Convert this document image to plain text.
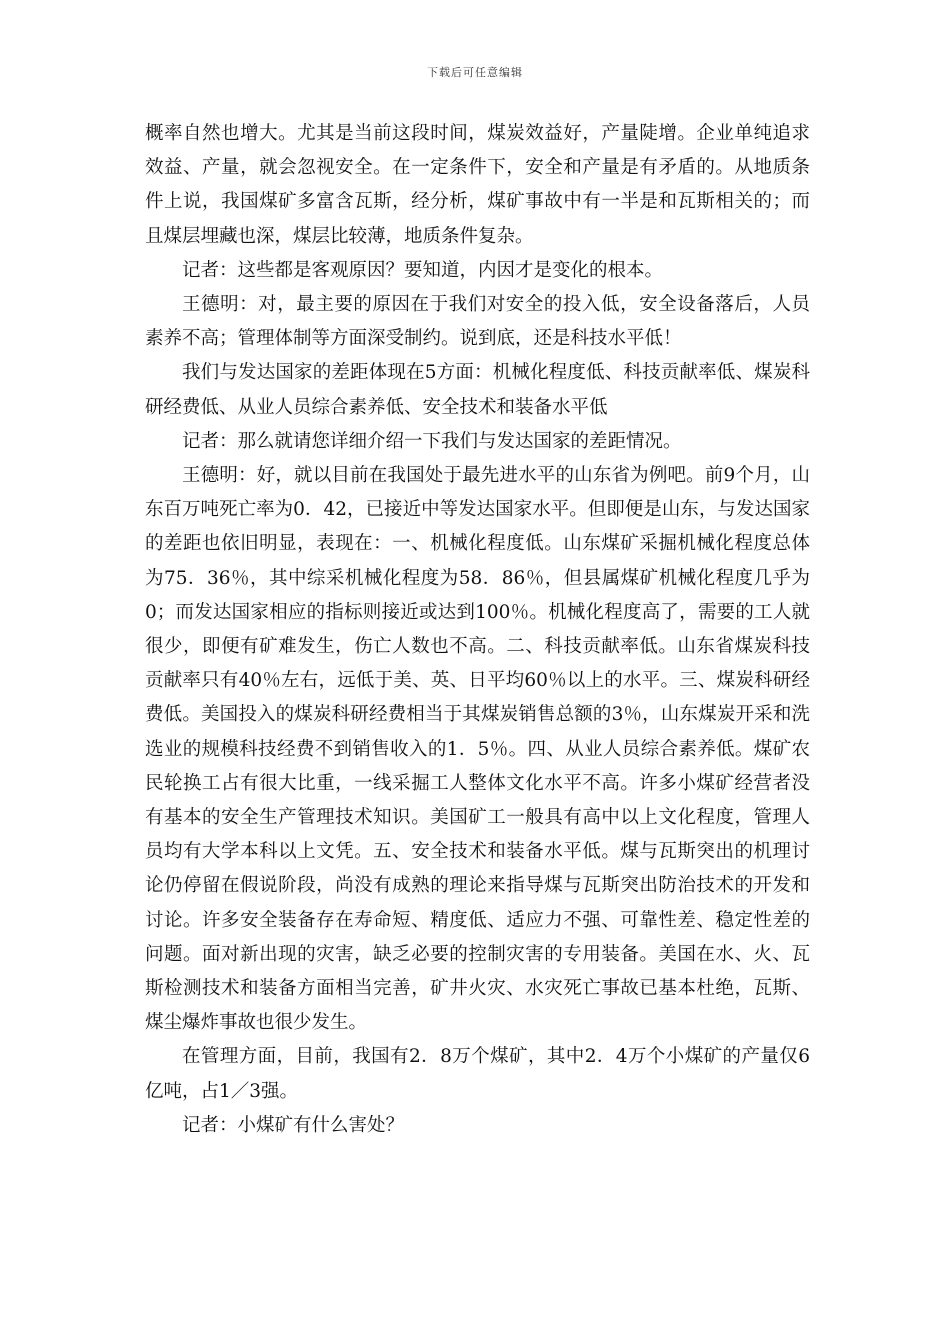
下载后可任意编辑

概率自然也增大。尤其是当前这段时间，煤炭效益好，产量陡增。企业单纯追求效益、产量，就会忽视安全。在一定条件下，安全和产量是有矛盾的。从地质条件上说，我国煤矿多富含瓦斯，经分析，煤矿事故中有一半是和瓦斯相关的；而且煤层埋藏也深，煤层比较薄，地质条件复杂。

记者：这些都是客观原因？要知道，内因才是变化的根本。

王德明：对，最主要的原因在于我们对安全的投入低，安全设备落后，人员素养不高；管理体制等方面深受制约。说到底，还是科技水平低！

我们与发达国家的差距体现在5方面：机械化程度低、科技贡献率低、煤炭科研经费低、从业人员综合素养低、安全技术和装备水平低

记者：那么就请您详细介绍一下我们与发达国家的差距情况。

王德明：好，就以目前在我国处于最先进水平的山东省为例吧。前9个月，山东百万吨死亡率为0．42，已接近中等发达国家水平。但即便是山东，与发达国家的差距也依旧明显，表现在：一、机械化程度低。山东煤矿采掘机械化程度总体为75．36％，其中综采机械化程度为58．86％，但县属煤矿机械化程度几乎为0；而发达国家相应的指标则接近或达到100％。机械化程度高了，需要的工人就很少，即便有矿难发生，伤亡人数也不高。二、科技贡献率低。山东省煤炭科技贡献率只有40％左右，远低于美、英、日平均60％以上的水平。三、煤炭科研经费低。美国投入的煤炭科研经费相当于其煤炭销售总额的3％，山东煤炭开采和洗选业的规模科技经费不到销售收入的1．5％。四、从业人员综合素养低。煤矿农民轮换工占有很大比重，一线采掘工人整体文化水平不高。许多小煤矿经营者没有基本的安全生产管理技术知识。美国矿工一般具有高中以上文化程度，管理人员均有大学本科以上文凭。五、安全技术和装备水平低。煤与瓦斯突出的机理讨论仍停留在假说阶段，尚没有成熟的理论来指导煤与瓦斯突出防治技术的开发和讨论。许多安全装备存在寿命短、精度低、适应力不强、可靠性差、稳定性差的问题。面对新出现的灾害，缺乏必要的控制灾害的专用装备。美国在水、火、瓦斯检测技术和装备方面相当完善，矿井火灾、水灾死亡事故已基本杜绝，瓦斯、煤尘爆炸事故也很少发生。

在管理方面，目前，我国有2．8万个煤矿，其中2．4万个小煤矿的产量仅6亿吨，占1／3强。

记者：小煤矿有什么害处？
